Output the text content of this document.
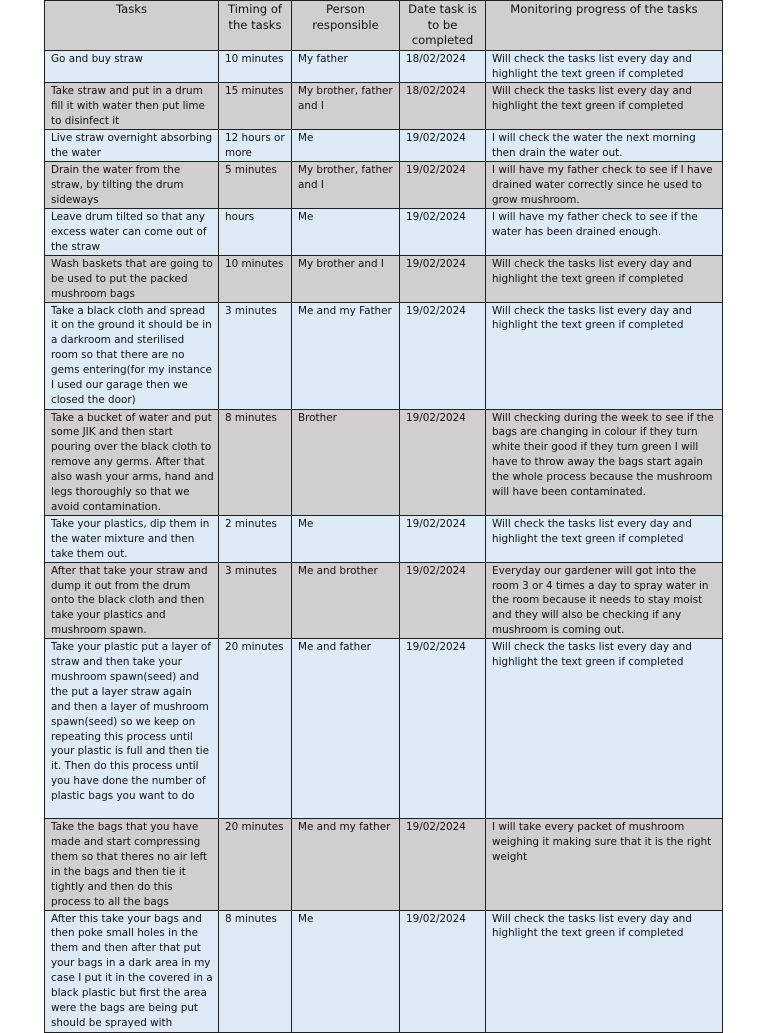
Tasks	Timing of the tasks	Person responsible	Date task is to be completed	Monitoring progress of the tasks
Go and buy straw	10 minutes	My father	18/02/2024	Will check the tasks list every day and highlight the text green if completed
Take straw and put in a drum fill it with water then put lime to disinfect it	15 minutes	My brother, father and I	18/02/2024	Will check the tasks list every day and highlight the text green if completed
Live straw overnight absorbing the water	12 hours or more	Me	19/02/2024	I will check the water the next morning then drain the water out.
Drain the water from the straw, by tilting the drum sideways	5 minutes	My brother, father and I	19/02/2024	I will have my father check to see if I have drained water correctly since he used to grow mushroom.
Leave drum tilted so that any excess water can come out of the straw	hours	Me	19/02/2024	I will have my father check to see if the water has been drained enough.
Wash baskets that are going to be used to put the packed mushroom bags	10 minutes	My brother and I	19/02/2024	Will check the tasks list every day and highlight the text green if completed
Take a black cloth and spread it on the ground it should be in a darkroom and sterilised room so that there are no gems entering(for my instance I used our garage then we closed the door)	3 minutes	Me and my Father	19/02/2024	Will check the tasks list every day and highlight the text green if completed
Take a bucket of water and put some JIK and then start pouring over the black cloth to remove any germs. After that also wash your arms, hand and legs thoroughly so that we avoid contamination.	8 minutes	Brother	19/02/2024	Will checking during the week to see if the bags are changing in colour if they turn white their good if they turn green I will have to throw away the bags start again the whole process because the mushroom will have been contaminated.
Take your plastics, dip them in the water mixture and then take them out.	2 minutes	Me	19/02/2024	Will check the tasks list every day and highlight the text green if completed
After that take your straw and dump it out from the drum onto the black cloth and then take your plastics and mushroom spawn.	3 minutes	Me and brother	19/02/2024	Everyday our gardener will got into the room 3 or 4 times a day to spray water in the room because it needs to stay moist and they will also be checking if any mushroom is coming out.
Take your plastic put a layer of straw and then take your mushroom spawn(seed) and the put a layer straw again and then a layer of mushroom spawn(seed) so we keep on repeating this process until your plastic is full and then tie it. Then do this process until you have done the number of plastic bags you want to do	20 minutes	Me and father	19/02/2024	Will check the tasks list every day and highlight the text green if completed
Take the bags that you have made and start compressing them so that theres no air left in the bags and then tie it tightly and then do this process to all the bags	20 minutes	Me and my father	19/02/2024	I will take every packet of mushroom weighing it making sure that it is the right weight
After this take your bags and then poke small holes in the them and then after that put your bags in a dark area in my case I put it in the covered in a black plastic but first the area were the bags are being put should be sprayed with	8 minutes	Me	19/02/2024	Will check the tasks list every day and highlight the text green if completed
